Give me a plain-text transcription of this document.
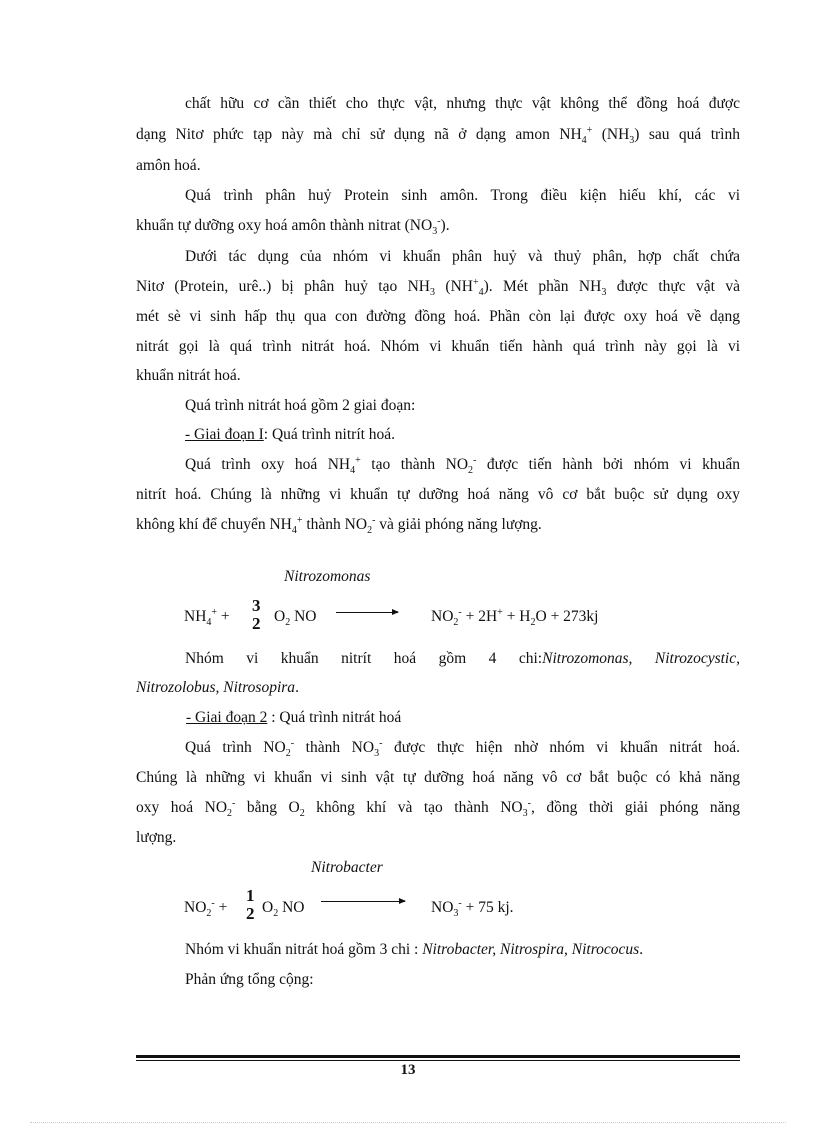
chất hữu cơ cần thiết cho thực vật, nhưng thực vật không thể đồng hoá được
dạng Nitơ phức tạp này mà chỉ sử dụng nã ở dạng amon $NH_4^+$ $(NH_3)$ sau quá trình
amôn hoá.
Quá trình phân huỷ Protein sinh amôn. Trong điều kiện hiếu khí, các vi
khuẩn tự dưỡng oxy hoá amôn thành nitrat $(NO_3^-)$.
Dưới tác dụng của nhóm vi khuẩn phân huỷ và thuỷ phân, hợp chất chứa
Nitơ (Protein, urê..) bị phân huỷ tạo $NH_3$ $(NH^+_4)$. Mét phần $NH_3$ được thực vật và
mét sè vi sinh hấp thụ qua con đường đồng hoá. Phần còn lại được oxy hoá về dạng
nitrát gọi là quá trình nitrát hoá. Nhóm vi khuẩn tiến hành quá trình này gọi là vi
khuẩn nitrát hoá.
Quá trình nitrát hoá gồm 2 giai đoạn:
- Giai đoạn I: Quá trình nitrít hoá.
Quá trình oxy hoá $NH_4^+$ tạo thành $NO_2^-$ được tiến hành bởi nhóm vi khuẩn
nitrít hoá. Chúng là những vi khuẩn tự dưỡng hoá năng vô cơ bắt buộc sử dụng oxy
không khí để chuyển $NH_4^+$ thành $NO_2^-$ và giải phóng năng lượng.
Nitrozomonas
$NH_4^+$ +
3
2 $O_2$ NO → $NO_2^- + 2H^+ + H_2O + 273kj$
Nhóm vi khuẩn nitrít hoá gồm 4 chi:Nitrozomonas, Nitrozocystic,
Nitrozolobus, Nitrosopira.
- Giai đoạn 2 : Quá trình nitrát hoá
Quá trình $NO_2^-$ thành $NO_3^-$ được thực hiện nhờ nhóm vi khuẩn nitrát hoá.
Chúng là những vi khuẩn vi sinh vật tự dưỡng hoá năng vô cơ bắt buộc có khả năng
oxy hoá $NO_2^-$ bằng $O_2$ không khí và tạo thành $NO_3^-$, đồng thời giải phóng năng
lượng.
Nitrobacter
$NO_2^-$ +
1
2 $O_2$ NO	$NO_3^- + 75$ kj.
Nhóm vi khuẩn nitrát hoá gồm 3 chi : Nitrobacter, Nitrospira, Nitrococus.
Phản ứng tổng cộng:
13
